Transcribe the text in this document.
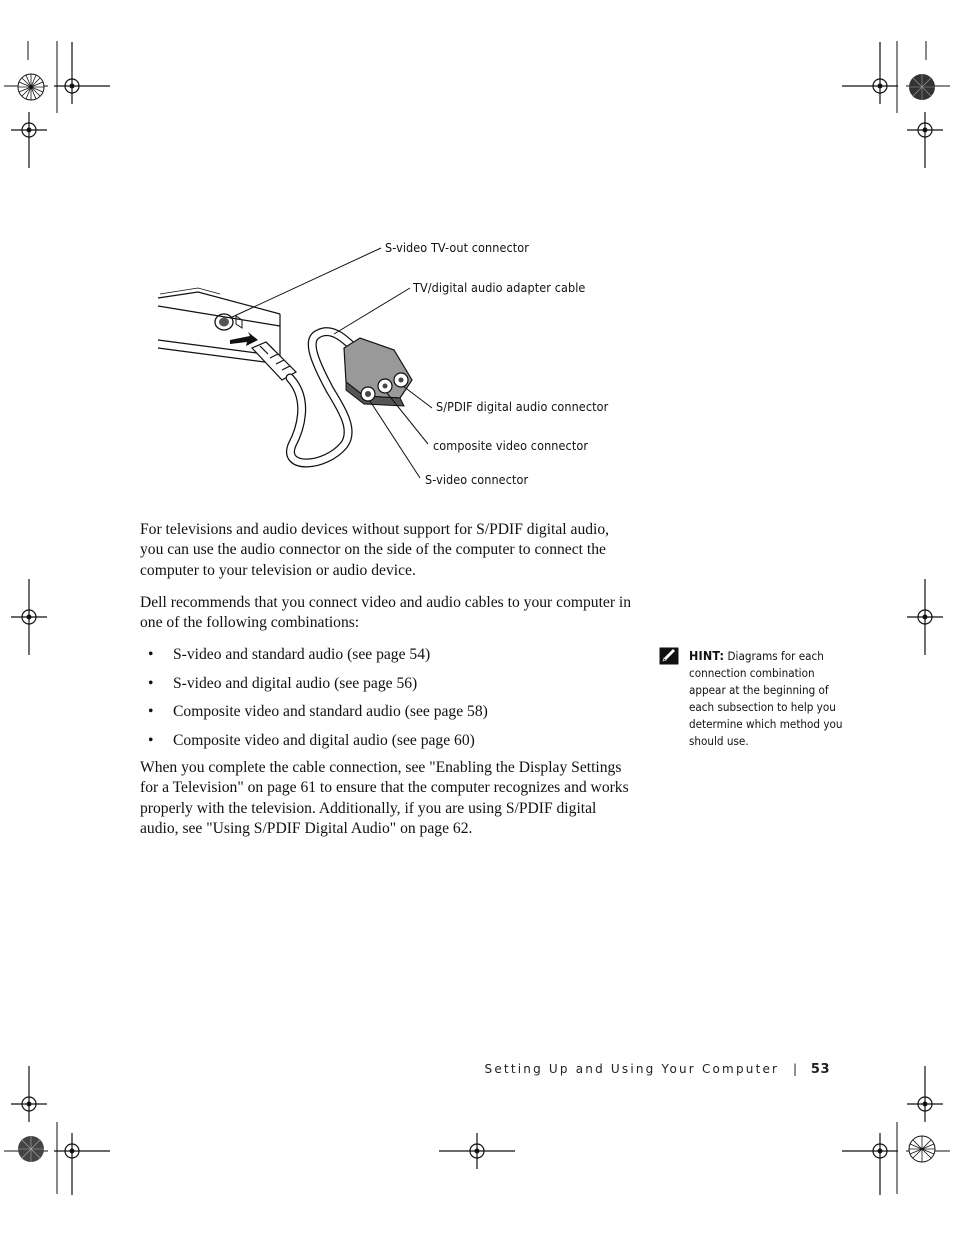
S-video TV-out connector
TV/digital audio adapter cable
S/PDIF digital audio connector
composite video connector
S-video connector

For televisions and audio devices without support for S/PDIF digital audio, you can use the audio connector on the side of the computer to connect the computer to your television or audio device.

Dell recommends that you connect video and audio cables to your computer in one of the following combinations:

• S-video and standard audio (see page 54)
• S-video and digital audio (see page 56)
• Composite video and standard audio (see page 58)
• Composite video and digital audio (see page 60)

When you complete the cable connection, see "Enabling the Display Settings for a Television" on page 61 to ensure that the computer recognizes and works properly with the television. Additionally, if you are using S/PDIF digital audio, see "Using S/PDIF Digital Audio" on page 62.

HINT: Diagrams for each connection combination appear at the beginning of each subsection to help you determine which method you should use.
Setting Up and Using Your Computer | 53
